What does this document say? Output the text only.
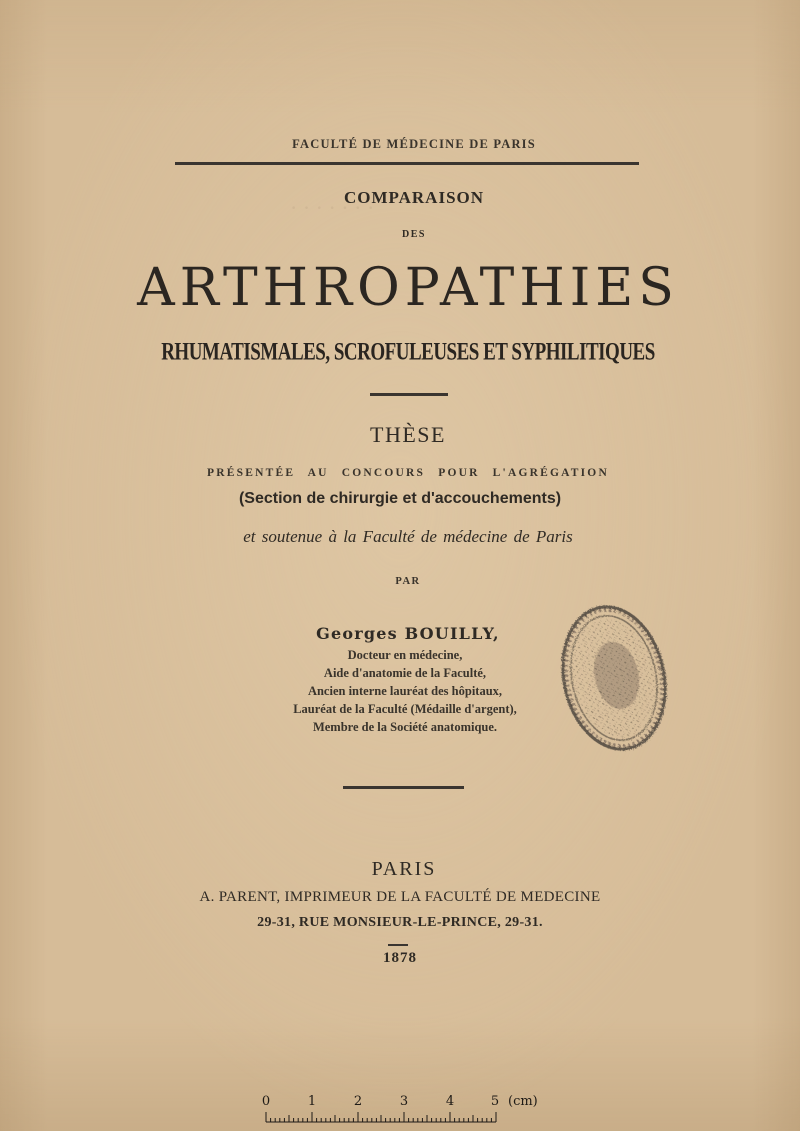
· · · · · · ·
FACULTÉ DE MÉDECINE DE PARIS
COMPARAISON
DES
ARTHROPATHIES
RHUMATISMALES, SCROFULEUSES ET SYPHILITIQUES
THÈSE
PRÉSENTÉE AU CONCOURS POUR L'AGRÉGATION
(Section de chirurgie et d'accouchements)
et soutenue à la Faculté de médecine de Paris
PAR
Georges BOUILLY,
Docteur en médecine,
Aide d'anatomie de la Faculté,
Ancien interne lauréat des hôpitaux,
Lauréat de la Faculté (Médaille d'argent),
Membre de la Société anatomique.
PARIS
A. PARENT, IMPRIMEUR DE LA FACULTÉ DE MEDECINE
29-31, RUE MONSIEUR-LE-PRINCE, 29-31.
1878
0	1	2	3	4	5 (cm)
